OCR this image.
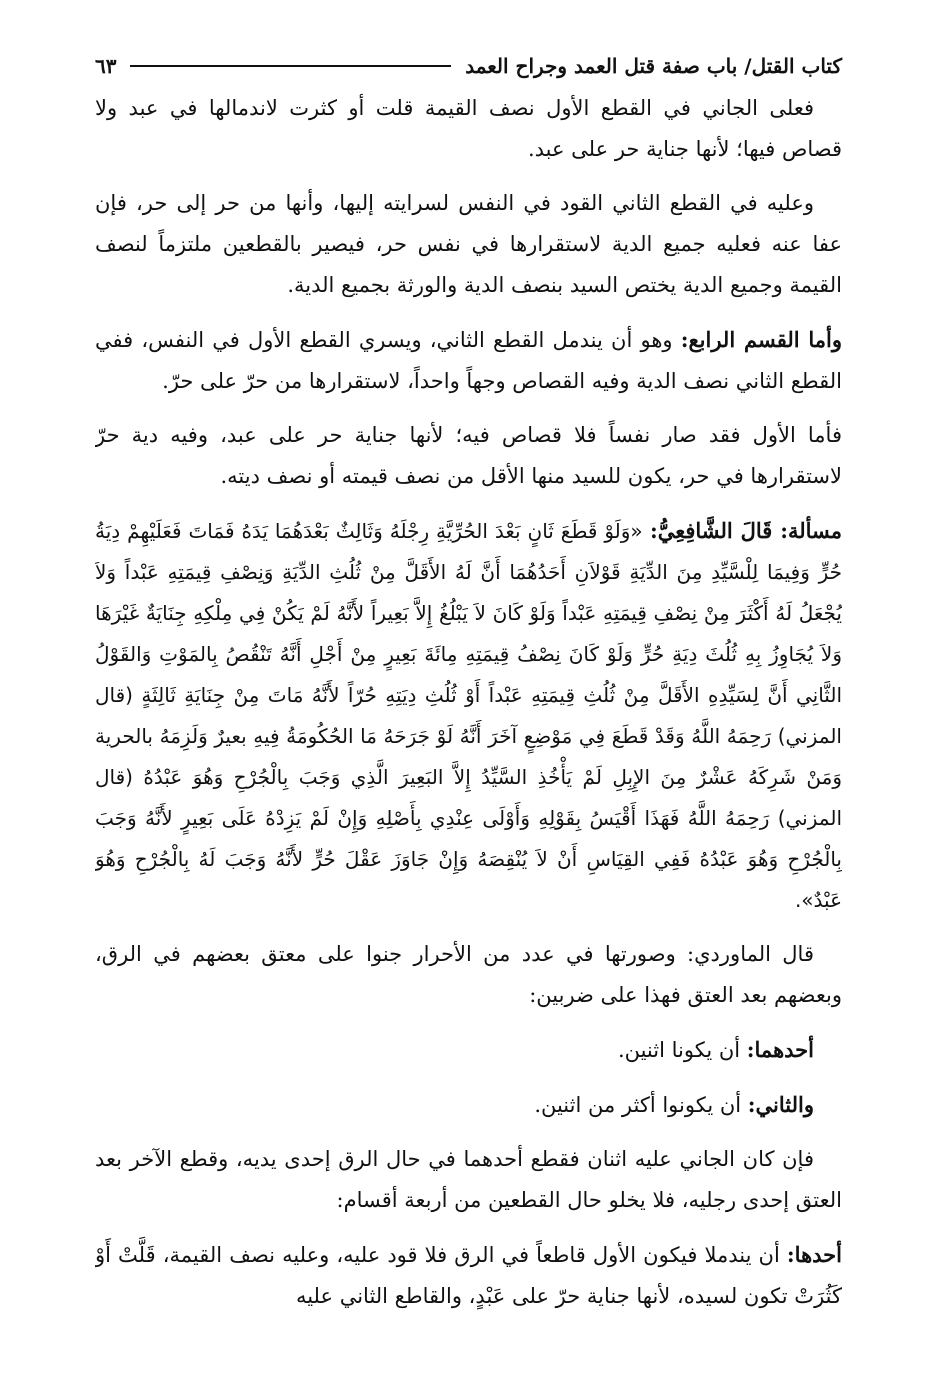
كتاب القتل/ باب صفة قتل العمد وجراح العمد
٦٣

فعلى الجاني في القطع الأول نصف القيمة قلت أو كثرت لاندمالها في عبد ولا قصاص فيها؛ لأنها جناية حر على عبد.

وعليه في القطع الثاني القود في النفس لسرايته إليها، وأنها من حر إلى حر، فإن عفا عنه فعليه جميع الدية لاستقرارها في نفس حر، فيصير بالقطعين ملتزماً لنصف القيمة وجميع الدية يختص السيد بنصف الدية والورثة بجميع الدية.

وأما القسم الرابع: وهو أن يندمل القطع الثاني، ويسري القطع الأول في النفس، ففي القطع الثاني نصف الدية وفيه القصاص وجهاً واحداً، لاستقرارها من حرّ على حرّ.

فأما الأول فقد صار نفساً فلا قصاص فيه؛ لأنها جناية حر على عبد، وفيه دية حرّ لاستقرارها في حر، يكون للسيد منها الأقل من نصف قيمته أو نصف ديته.

مسألة: قَالَ الشَّافِعِيُّ: «وَلَوْ قَطَعَ ثَانٍ بَعْدَ الحُرِّيَّةِ رِجْلَهُ وَثَالِثٌ بَعْدَهُمَا يَدَهُ فَمَاتَ فَعَلَيْهِمْ دِيَةُ حُرٍّ وَفِيمَا لِلْسَّيِّدِ مِنَ الدِّيَةِ قَوْلاَنِ أَحَدُهُمَا أَنَّ لَهُ الأَقَلَّ مِنْ ثُلُثِ الدِّيَةِ وَنِصْفِ قِيمَتِهِ عَبْداً وَلاَ يُجْعَلُ لَهُ أَكْثَرَ مِنْ نِصْفِ قِيمَتِهِ عَبْداً وَلَوْ كَانَ لاَ يَبْلُغُ إِلاَّ بَعِيراً لأَنَّهُ لَمْ يَكُنْ فِي مِلْكِهِ جِنَايَةٌ غَيْرَهَا وَلاَ يُجَاوِزُ بِهِ ثُلُثَ دِيَةِ حُرٍّ وَلَوْ كَانَ نِصْفُ قِيمَتِهِ مِائَةَ بَعِيرٍ مِنْ أَجْلِ أَنَّهُ تَنْقُصُ بِالمَوْتِ وَالقَوْلُ الثَّانِي أَنَّ لِسَيِّدِهِ الأَقَلَّ مِنْ ثُلُثِ قِيمَتِهِ عَبْداً أَوْ ثُلُثِ دِيَتِهِ حُرّاً لأَنَّهُ مَاتَ مِنْ جِنَايَةِ ثَالِثَةٍ (قال المزني) رَحِمَهُ اللَّهُ وَقَدْ قَطَعَ فِي مَوْضِعٍ آخَرَ أَنَّهُ لَوْ جَرَحَهُ مَا الحُكُومَةُ فِيهِ بعيرٌ وَلَزِمَهُ بالحرية وَمَنْ شَرِكَهُ عَشْرٌ مِنَ الإِبِلِ لَمْ يَأْخُذِ السَّيِّدُ إِلاَّ البَعِيرَ الَّذِي وَجَبَ بِالْجُرْحِ وَهُوَ عَبْدُهُ (قال المزني) رَحِمَهُ اللَّهُ فَهَذَا أَقْيَسُ بِقَوْلِهِ وَأَوْلَى عِنْدِي بِأَصْلِهِ وَإِنْ لَمْ يَزِدْهُ عَلَى بَعِيرٍ لأَنَّهُ وَجَبَ بِالْجُرْحِ وَهُوَ عَبْدُهُ فَفِي القِيَاسِ أَنْ لاَ يُنْقِصَهُ وَإِنْ جَاوَزَ عَقْلَ حُرٍّ لأَنَّهُ وَجَبَ لَهُ بِالْجُرْحِ وَهُوَ عَبْدٌ».

قال الماوردي: وصورتها في عدد من الأحرار جنوا على معتق بعضهم في الرق، وبعضهم بعد العتق فهذا على ضربين:

أحدهما: أن يكونا اثنين.

والثاني: أن يكونوا أكثر من اثنين.

فإن كان الجاني عليه اثنان فقطع أحدهما في حال الرق إحدى يديه، وقطع الآخر بعد العتق إحدى رجليه، فلا يخلو حال القطعين من أربعة أقسام:

أحدها: أن يندملا فيكون الأول قاطعاً في الرق فلا قود عليه، وعليه نصف القيمة، قَلَّتْ أَوْ كَثُرَتْ تكون لسيده، لأنها جناية حرّ على عَبْدٍ، والقاطع الثاني عليه
